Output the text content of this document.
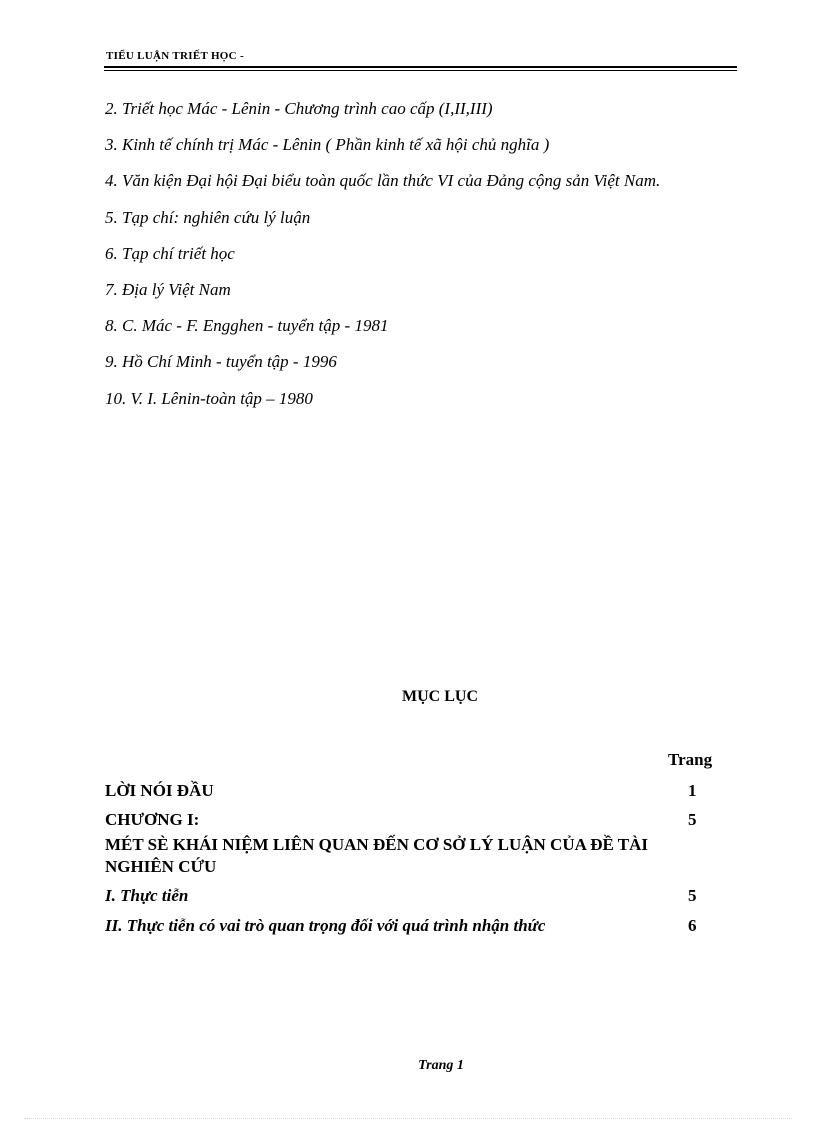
TIỂU LUẬN TRIẾT HỌC -
2. Triết học Mác - Lênin - Chương trình cao cấp (I,II,III)
3. Kinh tế chính trị Mác - Lênin ( Phần kinh tế xã hội chủ nghĩa )
4. Văn kiện Đại hội Đại biểu toàn quốc lần thức VI của Đảng cộng sản Việt Nam.
5. Tạp chí: nghiên cứu lý luận
6. Tạp chí triết học
7. Địa lý Việt Nam
8. C. Mác - F. Engghen - tuyển tập - 1981
9. Hồ Chí Minh - tuyển tập - 1996
10. V. I. Lênin-toàn tập – 1980
MỤC LỤC
Trang
LỜI NÓI ĐẦU	1
CHƯƠNG I:	5
MÉT SÈ KHÁI NIỆM LIÊN QUAN ĐẾN CƠ SỞ LÝ LUẬN CỦA ĐỀ TÀI NGHIÊN CỨU
I. Thực tiễn	5
II. Thực tiễn có vai trò quan trọng đối với quá trình nhận thức	6
Trang 1
